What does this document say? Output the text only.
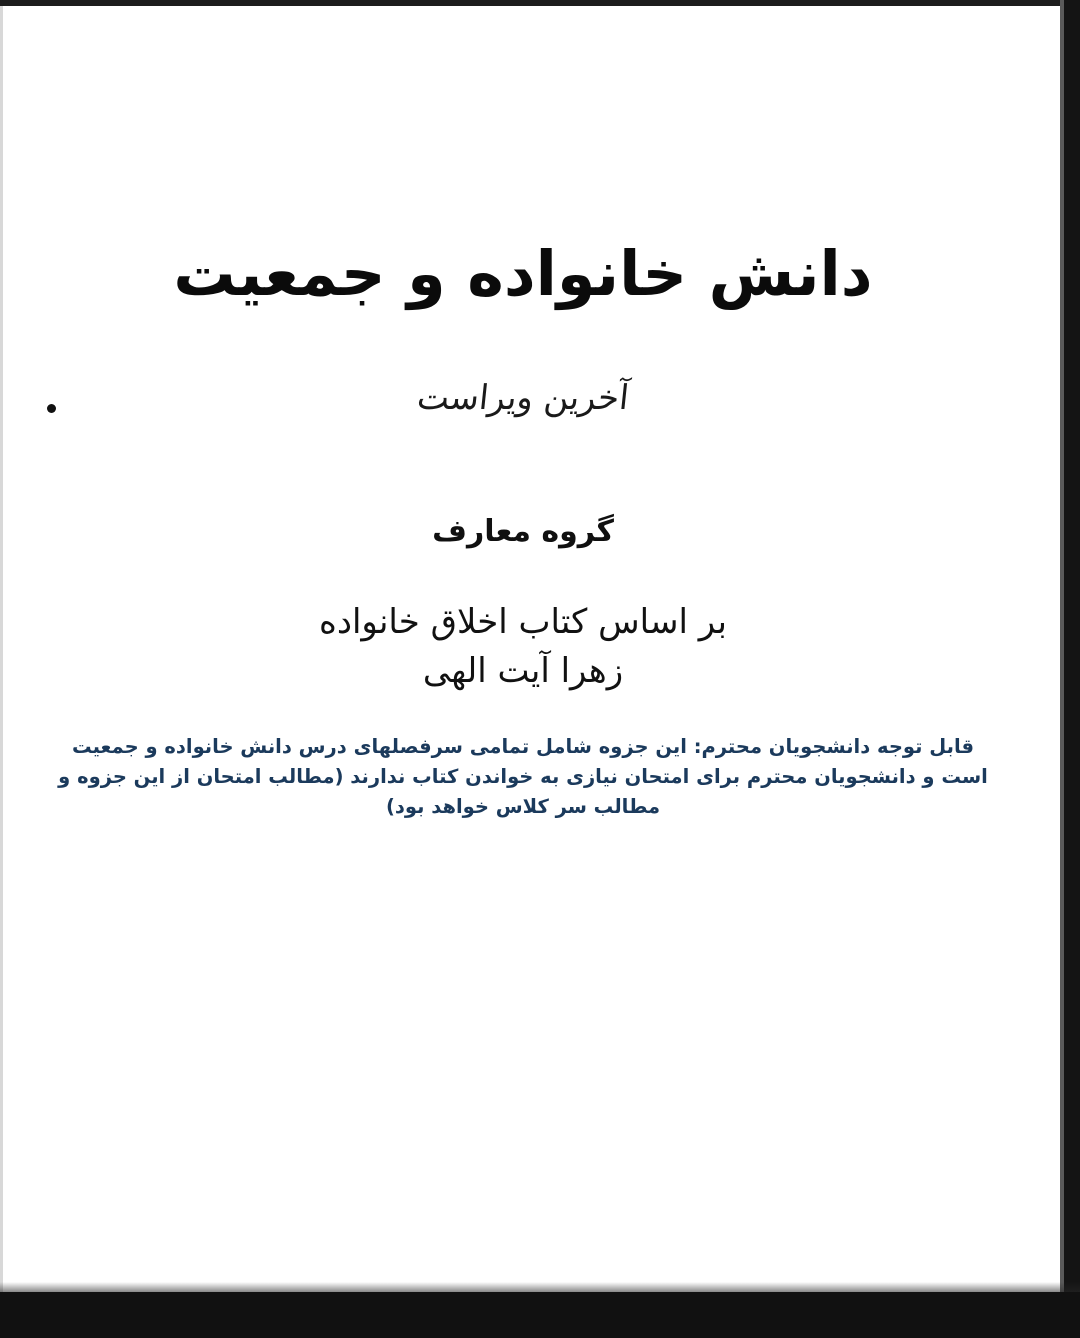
دانش خانواده و جمعیت
آخرین ویراست
گروه معارف
بر اساس کتاب اخلاق خانواده
زهرا آیت الهی
قابل توجه دانشجویان محترم: این جزوه شامل تمامی سرفصلهای درس دانش خانواده و جمعیت است و دانشجویان محترم برای امتحان نیازی به خواندن کتاب ندارند (مطالب امتحان از این جزوه و مطالب سر کلاس خواهد بود)
